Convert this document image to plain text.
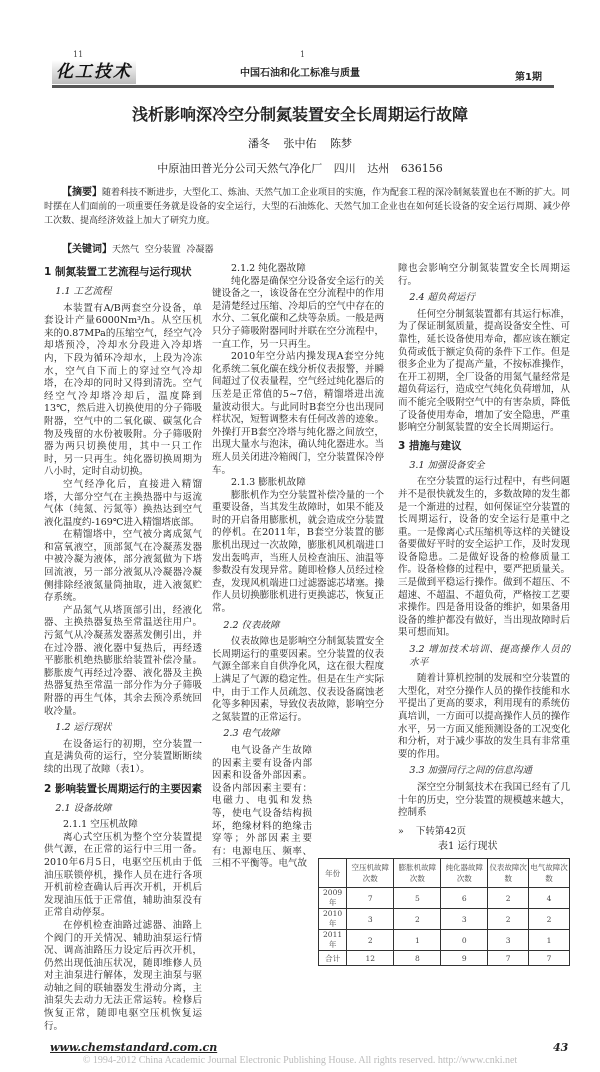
11	1
化工技术	中国石油和化工标准与质量	第1期
浅析影响深冷空分制氮装置安全长周期运行故障
潘冬 张中佑 陈梦
中原油田普光分公司天然气净化厂 四川 达州 636156
【摘要】随着科技不断进步，大型化工、炼油、天然气加工企业项目的实施，作为配套工程的深冷制氮装置也在不断的扩大。同时摆在人们面前的一项重要任务就是设备的安全运行，大型的石油炼化、天然气加工企业也在如何延长设备的安全运行周期、减少停工次数、提高经济效益上加大了研究力度。
【关键词】天然气  空分装置  冷凝器
1 制氮装置工艺流程与运行现状
1.1 工艺流程

本装置有A/B两套空分设备，单套设计产量6000Nm³/h。从空压机来的0.87MPa的压缩空气，经空气冷却塔预冷，冷却水分段进入冷却塔内，下段为循环冷却水，上段为冷冻水，空气自下而上的穿过空气冷却塔，在冷却的同时又得到清洗。空气经空气冷却塔冷却后，温度降到13℃，然后进入切换使用的分子筛吸附器，空气中的二氧化碳、碳氢化合物及残留的水份被吸附。分子筛吸附器为两只切换使用，其中一只工作时，另一只再生。纯化器切换周期为八小时，定时自动切换。

空气经净化后，直接进入精馏塔，大部分空气在主换热器中与返流气体（纯氮、污氮等）换热达到空气液化温度约-169℃进入精馏塔底部。

在精馏塔中，空气被分离成氮气和富氧液空，顶部氮气在冷凝蒸发器中被冷凝为液体，部分液氮做为下塔回流液，另一部分液氮从冷凝器冷凝侧排除经液氮量筒抽取，进入液氮贮存系统。

产品氮气从塔顶部引出，经液化器、主换热器复热至常温送往用户。污氮气从冷凝蒸发器蒸发侧引出，并在过冷器、液化器中复热后，再经透平膨胀机绝热膨胀给装置补偿冷量。膨胀废气再经过冷器、液化器及主换热器复热至常温一部分作为分子筛吸附器的再生气体，其余去预冷系统回收冷量。

1.2 运行现状

在设备运行的初期，空分装置一直是满负荷的运行，空分装置断断续续的出现了故障（表1）。

2 影响装置长周期运行的主要因素
2.1 设备故障
2.1.1 空压机故障

离心式空压机为整个空分装置提供气源，在正常的运行中三用一备。2010年6月5日，电驱空压机由于低油压联锁停机，操作人员在进行各项开机前检查确认后再次开机，开机后发现油压低于正常值，辅助油泵没有正常自动停泵。

在停机检查油路过滤器、油路上个阀门的开关情况、辅助油泵运行情况、调高油路压力设定后再次开机，仍然出现低油压状况，随即维修人员对主油泵进行解体，发现主油泵与驱动轴之间的联轴器发生滑动分离，主油泵失去动力无法正常运转。检修后恢复正常，随即电驱空压机恢复运行。

2.1.2 纯化器故障

纯化器是确保空分设备安全运行的关键设备之一，该设备在空分流程中的作用是清楚经过压缩、冷却后的空气中存在的水分、二氧化碳和乙炔等杂质。一般是两只分子筛吸附器同时并联在空分流程中，一直工作，另一只再生。

2010年空分站内操发现A套空分纯化系统二氧化碳在线分析仪表报警，并瞬间超过了仪表量程，空气经过纯化器后的压差是正常值的5~7倍，精馏塔进出流量波动很大。与此同时B套空分也出现同样状况，短暂调整未有任何改善的迹象。外操打开B套空冷塔与纯化器之间放空，出现大量水与泡沫，确认纯化器进水。当班人员关闭进冷箱阀门，空分装置保冷停车。

2.1.3 膨胀机故障

膨胀机作为空分装置补偿冷量的一个重要设备，当其发生故障时，如果不能及时的开启备用膨胀机，就会造成空分装置的停机。在2011年，B套空分装置的膨胀机出现过一次故障，膨胀机风机端进口发出轰鸣声，当班人员检查油压、油温等参数没有发现异常。随即检修人员经过检查，发现风机端进口过滤器滤芯堵塞。操作人员切换膨胀机进行更换滤芯，恢复正常。

2.2 仪表故障

仪表故障也是影响空分制氮装置安全长周期运行的重要因素。空分装置的仪表气源全部来自自供净化风，这在很大程度上满足了气源的稳定性。但是在生产实际中，由于工作人员疏忽、仪表设备腐蚀老化等多种因素，导致仪表故障，影响空分之氮装置的正常运行。

2.3 电气故障

电气设备产生故障的因素主要有设备内部因素和设备外部因素。设备内部因素主要有：电磁力、电弧和发热等，使电气设备结构损坏，绝缘材料的绝缘击穿等；外部因素主要有：电源电压、频率、三相不平衡等。电气故

障也会影响空分制氮装置安全长周期运行。

2.4 超负荷运行

任何空分制氮装置都有其运行标准，为了保证制氮质量，提高设备安全性、可靠性，延长设备使用寿命，都应该在额定负荷或低于额定负荷的条件下工作。但是很多企业为了提高产量，不按标准操作，在开工初期，全厂设备的用氮气量经常是超负荷运行，造成空气纯化负荷增加，从而不能完全吸附空气中的有害杂质，降低了设备使用寿命，增加了安全隐患，严重影响空分制氮装置的安全长周期运行。

3 措施与建议
3.1 加强设备安全

在空分装置的运行过程中，有些问题并不是很快就发生的，多数故障的发生都是一个渐进的过程，如何保证空分装置的长周期运行，设备的安全运行是重中之重。一是像离心式压缩机等这样的关键设备要做好平时的安全运护工作，及时发现设备隐患。二是做好设备的检修质量工作。设备检修的过程中，要严把质量关。三是做到平稳运行操作。做到不超压、不超速、不超温、不超负荷，严格按工艺要求操作。四是备用设备的维护，如果备用设备的维护都没有做好，当出现故障时后果可想而知。

3.2 增加技术培训、提高操作人员的水平

随着计算机控制的发展和空分装置的大型化，对空分操作人员的操作技能和水平提出了更高的要求，利用现有的系统仿真培训，一方面可以提高操作人员的操作水平，另一方面又能预测设备的工况变化和分析，对于减少事故的发生具有非常重要的作用。

3.3 加强同行之间的信息沟通

深空空分制氮技术在我国已经有了几十年的历史，空分装置的规模越来越大，控制系

»    下转第42页
表1 运行现状
年份	空压机故障次数	膨胀机故障次数	纯化器故障次数	仪表故障次数	电气故障次数
2009年	7	5	6	2	4
2010年	3	2	3	2	2
2011年	2	1	0	3	1
合计	12	8	9	7	7
www.chemstandard.com.cn	43
© 1994-2012 China Academic Journal Electronic Publishing House. All rights reserved. http://www.cnki.net
